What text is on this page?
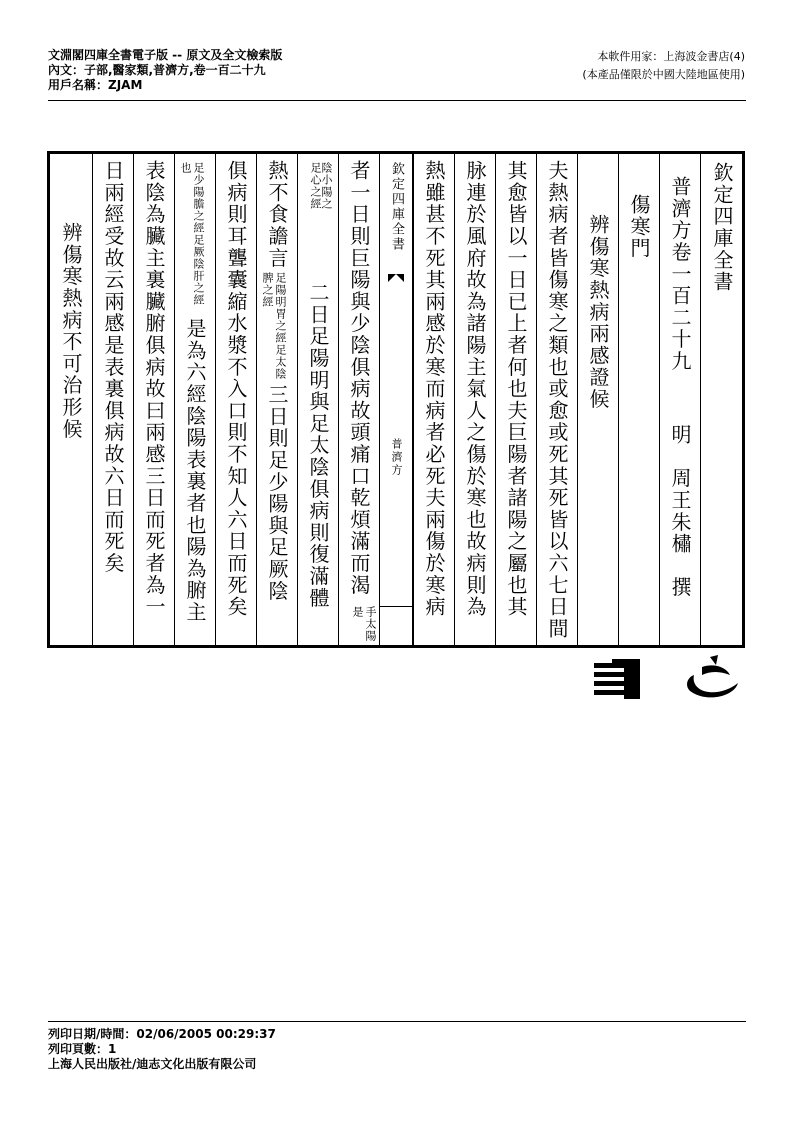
文淵閣四庫全書電子版 -- 原文及全文檢索版
內文：子部,醫家類,普濟方,卷一百二十九
用戶名稱：ZJAM
本軟件用家：上海波金書店(4)
(本產品僅限於中國大陸地區使用)
欽定四庫全書
普濟方卷一百二十九
明　周王朱橚　撰
傷寒門
辨傷寒熱病兩感證候
夫熱病者皆傷寒之類也或愈或死其死皆以六七日間
其愈皆以一日已上者何也夫巨陽者諸陽之屬也其
脉連於風府故為諸陽主氣人之傷於寒也故病則為
熱雖甚不死其兩感於寒而病者必死夫兩傷於寒病
欽定四庫全書
普濟方
者一日則巨陽與少陰俱病故頭痛口乾煩滿而渴
手太陽是
陰小陽之
足心之經
二日足陽明與足太陰俱病則復滿體
熱不食譫言
足陽明胃之經足太陰脾之經
三日則足少陽與足厥陰
俱病則耳聾囊縮水漿不入口則不知人六日而死矣
足少陽膽之經足厥陰肝之經也
是為六經陰陽表裏者也陽為腑主
表陰為臟主裏臟腑俱病故曰兩感三日而死者為一
日兩經受故云兩感是表裏俱病故六日而死矣
辨傷寒熱病不可治形候
列印日期/時間：02/06/2005 00:29:37
列印頁數：1
上海人民出版社/迪志文化出版有限公司
